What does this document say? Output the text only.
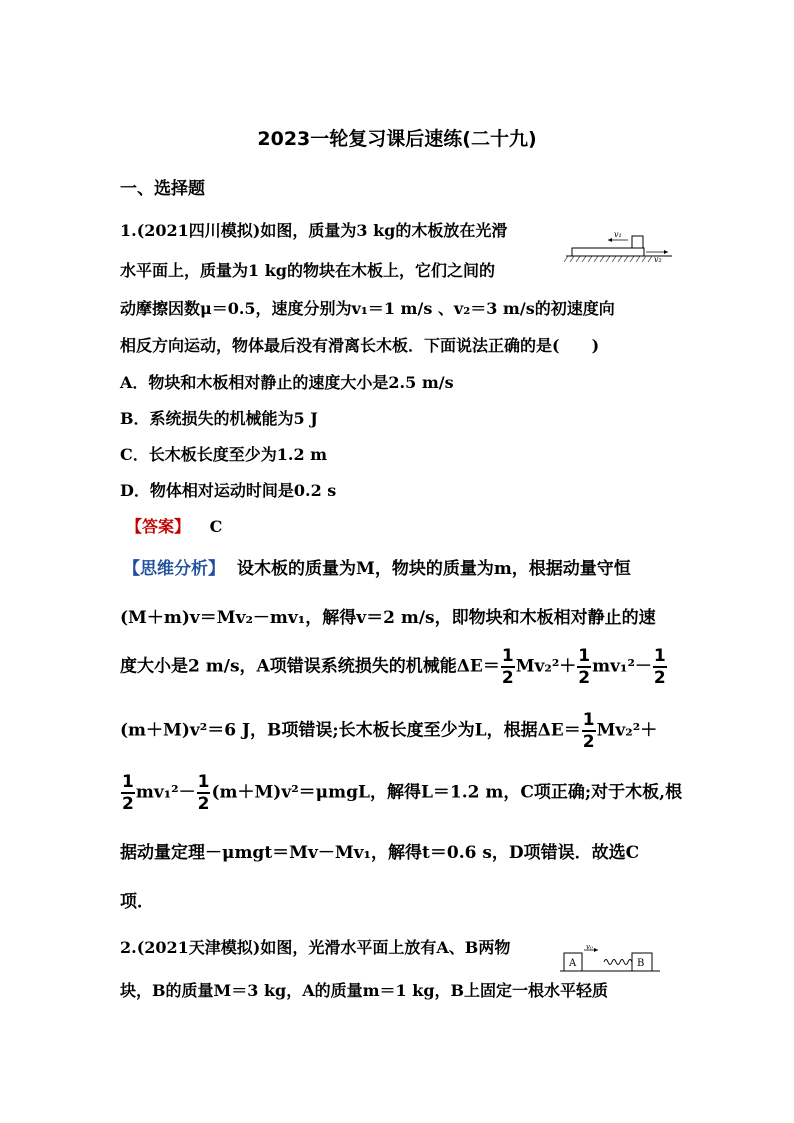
2023一轮复习课后速练(二十九)
一、选择题
1.(2021四川模拟)如图，质量为3 kg的木板放在光滑
水平面上，质量为1 kg的物块在木板上，它们之间的
动摩擦因数μ＝0.5，速度分别为v₁＝1 m/s 、v₂＝3 m/s的初速度向
相反方向运动，物体最后没有滑离长木板．下面说法正确的是(　　)
A．物块和木板相对静止的速度大小是2.5 m/s
B．系统损失的机械能为5 J
C．长木板长度至少为1.2 m
D．物体相对运动时间是0.2 s
【答案】 C
【思维分析】 设木板的质量为M，物块的质量为m，根据动量守恒
(M＋m)v＝Mv₂－mv₁，解得v＝2 m/s，即物块和木板相对静止的速
度大小是2 m/s，A项错误系统损失的机械能$\Delta E= \frac{1}{2} Mv_2^2+ \frac{1}{2} mv_1^2- \frac{1}{2}$
(m＋M)v²＝6 J，B项错误;长木板长度至少为L，根据$\Delta E= \frac{1}{2} Mv_2^2+$
$\frac{1}{2} mv_1^2- \frac{1}{2} (m+M)v^2=\mu mgL$，解得L＝1.2 m，C项正确;对于木板,根
据动量定理－μmgt＝Mv－Mv₁，解得t＝0.6 s，D项错误．故选C
项．
2.(2021天津模拟)如图，光滑水平面上放有A、B两物
块，B的质量M＝3 kg，A的质量m＝1 kg，B上固定一根水平轻质
v₁
v₂
A
v₀
B
